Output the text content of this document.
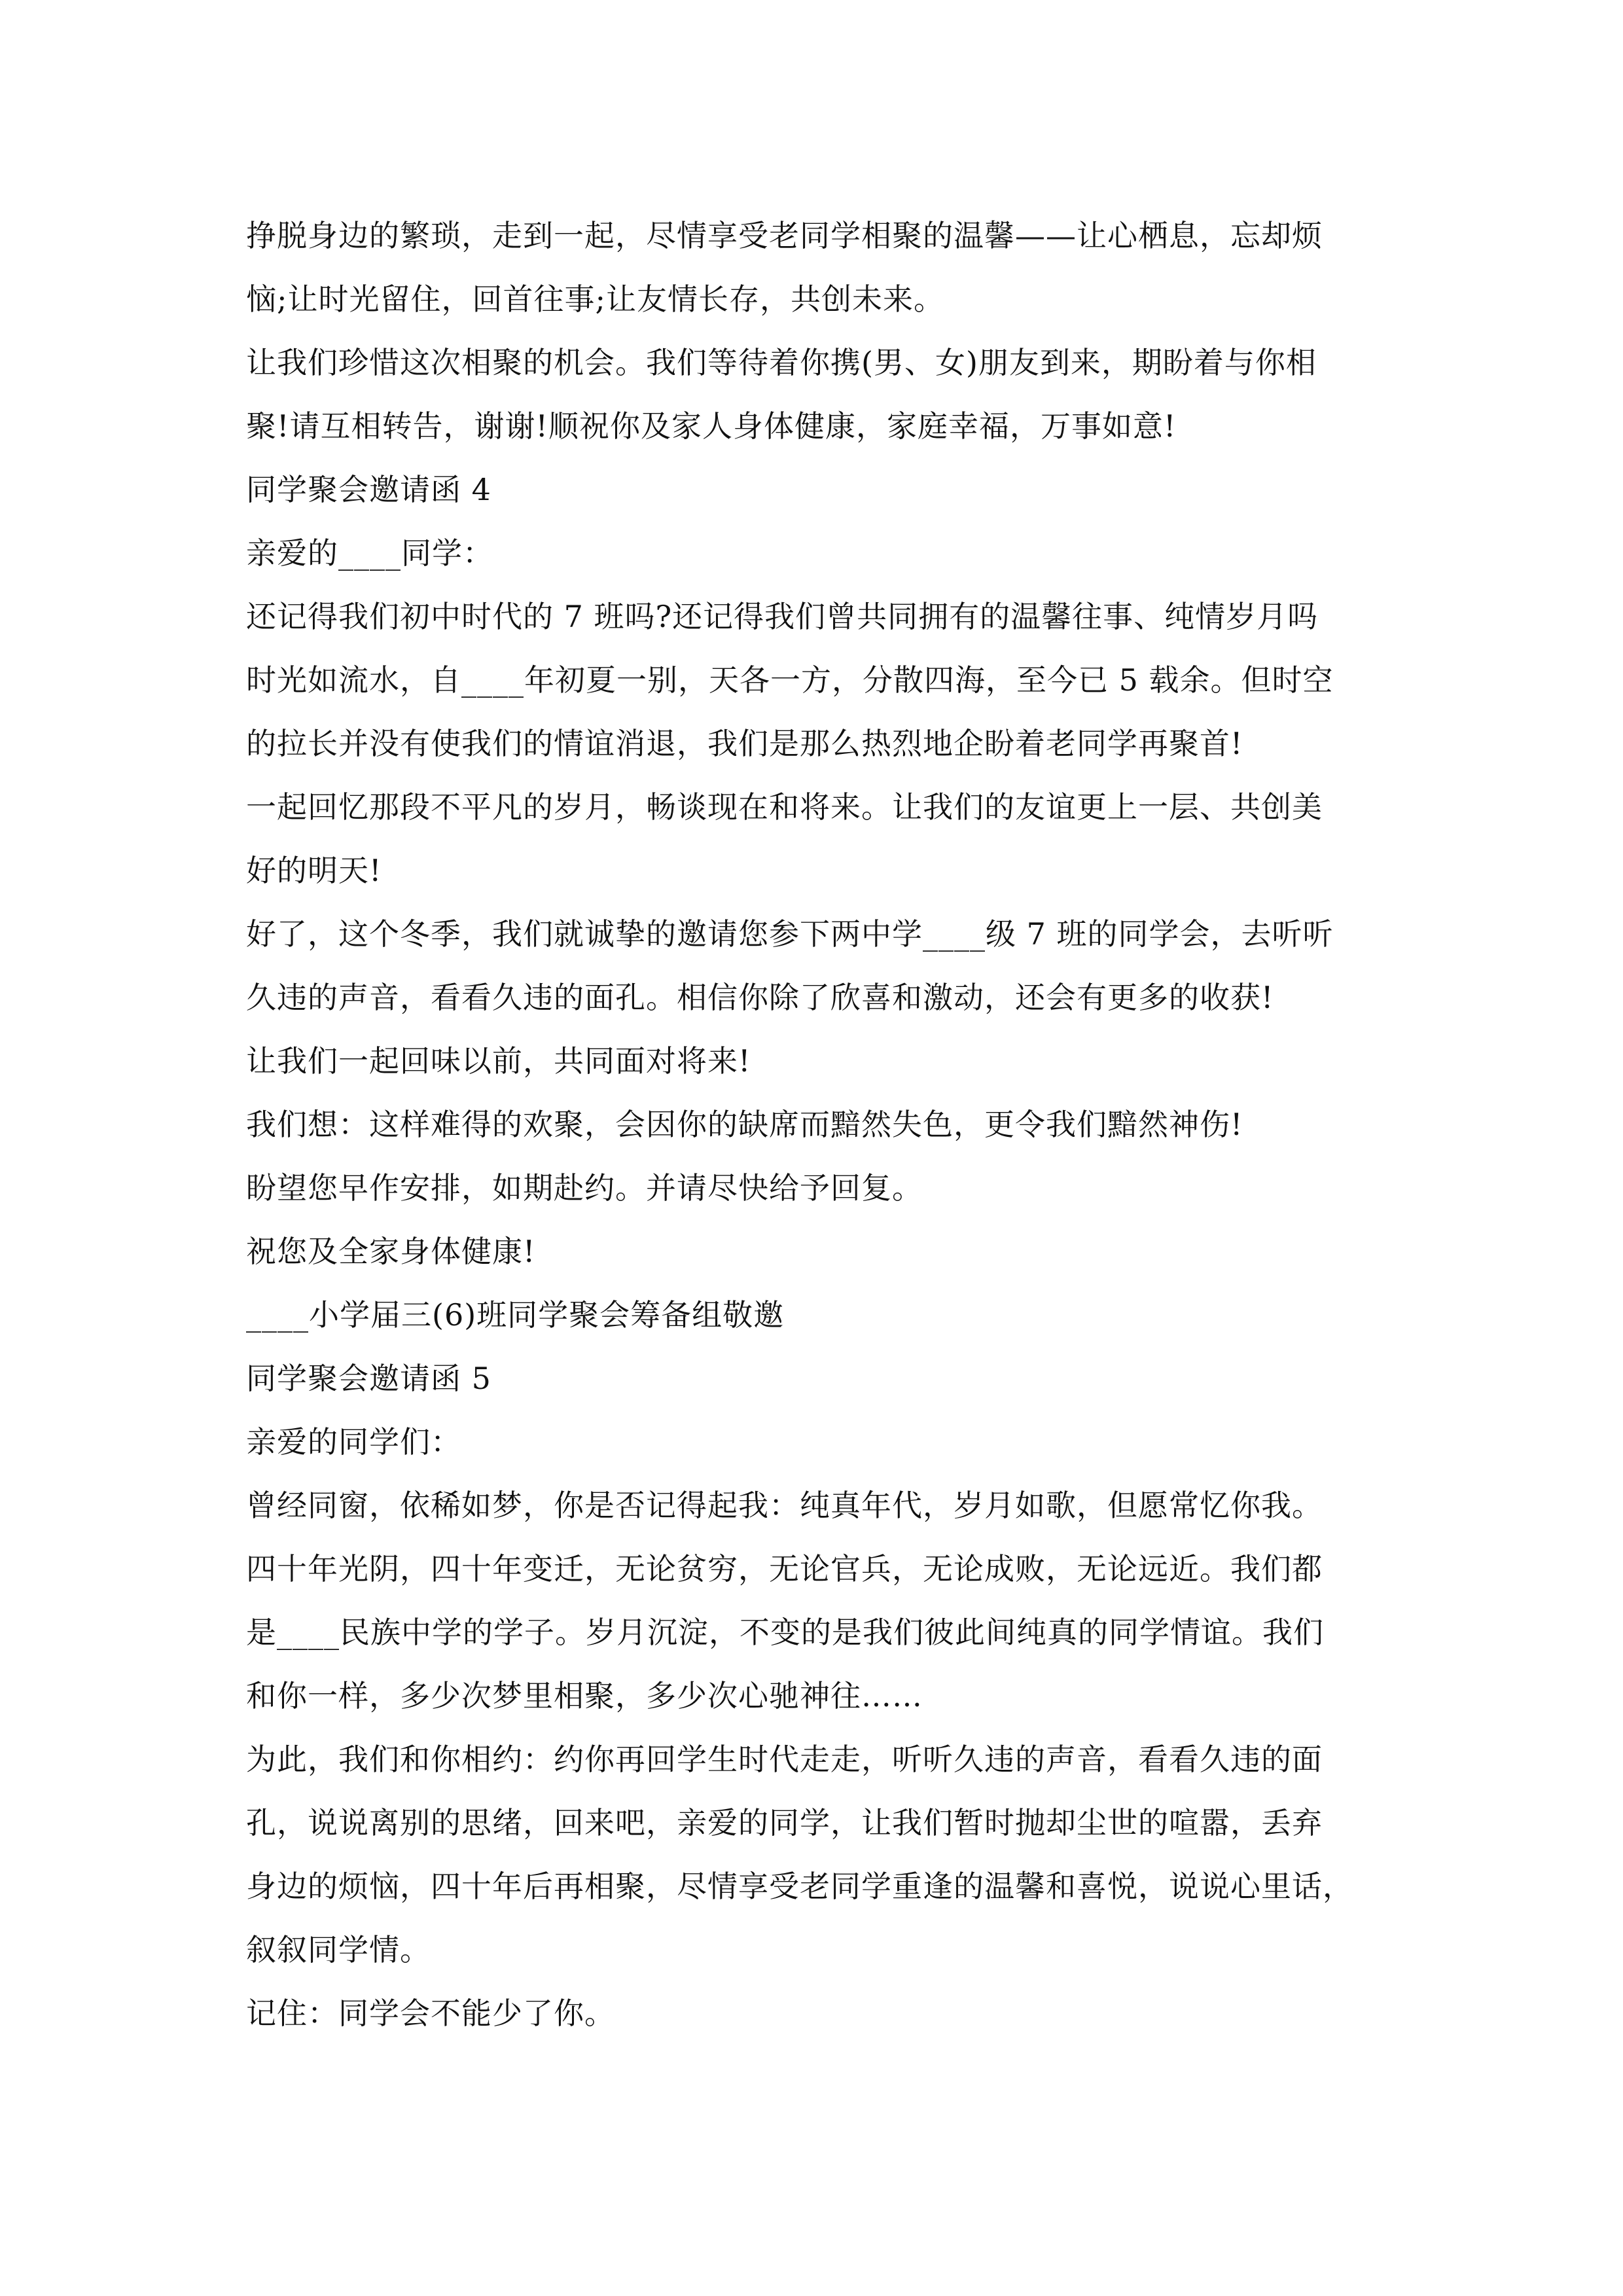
挣脱身边的繁琐，走到一起，尽情享受老同学相聚的温馨——让心栖息，忘却烦
恼;让时光留住，回首往事;让友情长存，共创未来。
让我们珍惜这次相聚的机会。我们等待着你携(男、女)朋友到来，期盼着与你相
聚!请互相转告，谢谢!顺祝你及家人身体健康，家庭幸福，万事如意!
同学聚会邀请函 4
亲爱的____同学：
还记得我们初中时代的 7 班吗?还记得我们曾共同拥有的温馨往事、纯情岁月吗
时光如流水，自____年初夏一别，天各一方，分散四海，至今已 5 载余。但时空
的拉长并没有使我们的情谊消退，我们是那么热烈地企盼着老同学再聚首!
一起回忆那段不平凡的岁月，畅谈现在和将来。让我们的友谊更上一层、共创美
好的明天!
好了，这个冬季，我们就诚挚的邀请您参下两中学____级 7 班的同学会，去听听
久违的声音，看看久违的面孔。相信你除了欣喜和激动，还会有更多的收获!
让我们一起回味以前，共同面对将来!
我们想：这样难得的欢聚，会因你的缺席而黯然失色，更令我们黯然神伤!
盼望您早作安排，如期赴约。并请尽快给予回复。
祝您及全家身体健康!
____小学届三(6)班同学聚会筹备组敬邀
同学聚会邀请函 5
亲爱的同学们：
曾经同窗，依稀如梦，你是否记得起我：纯真年代，岁月如歌，但愿常忆你我。
四十年光阴，四十年变迁，无论贫穷，无论官兵，无论成败，无论远近。我们都
是____民族中学的学子。岁月沉淀，不变的是我们彼此间纯真的同学情谊。我们
和你一样，多少次梦里相聚，多少次心驰神往……
为此，我们和你相约：约你再回学生时代走走，听听久违的声音，看看久违的面
孔，说说离别的思绪，回来吧，亲爱的同学，让我们暂时抛却尘世的喧嚣，丢弃
身边的烦恼，四十年后再相聚，尽情享受老同学重逢的温馨和喜悦，说说心里话，
叙叙同学情。
记住：同学会不能少了你。
